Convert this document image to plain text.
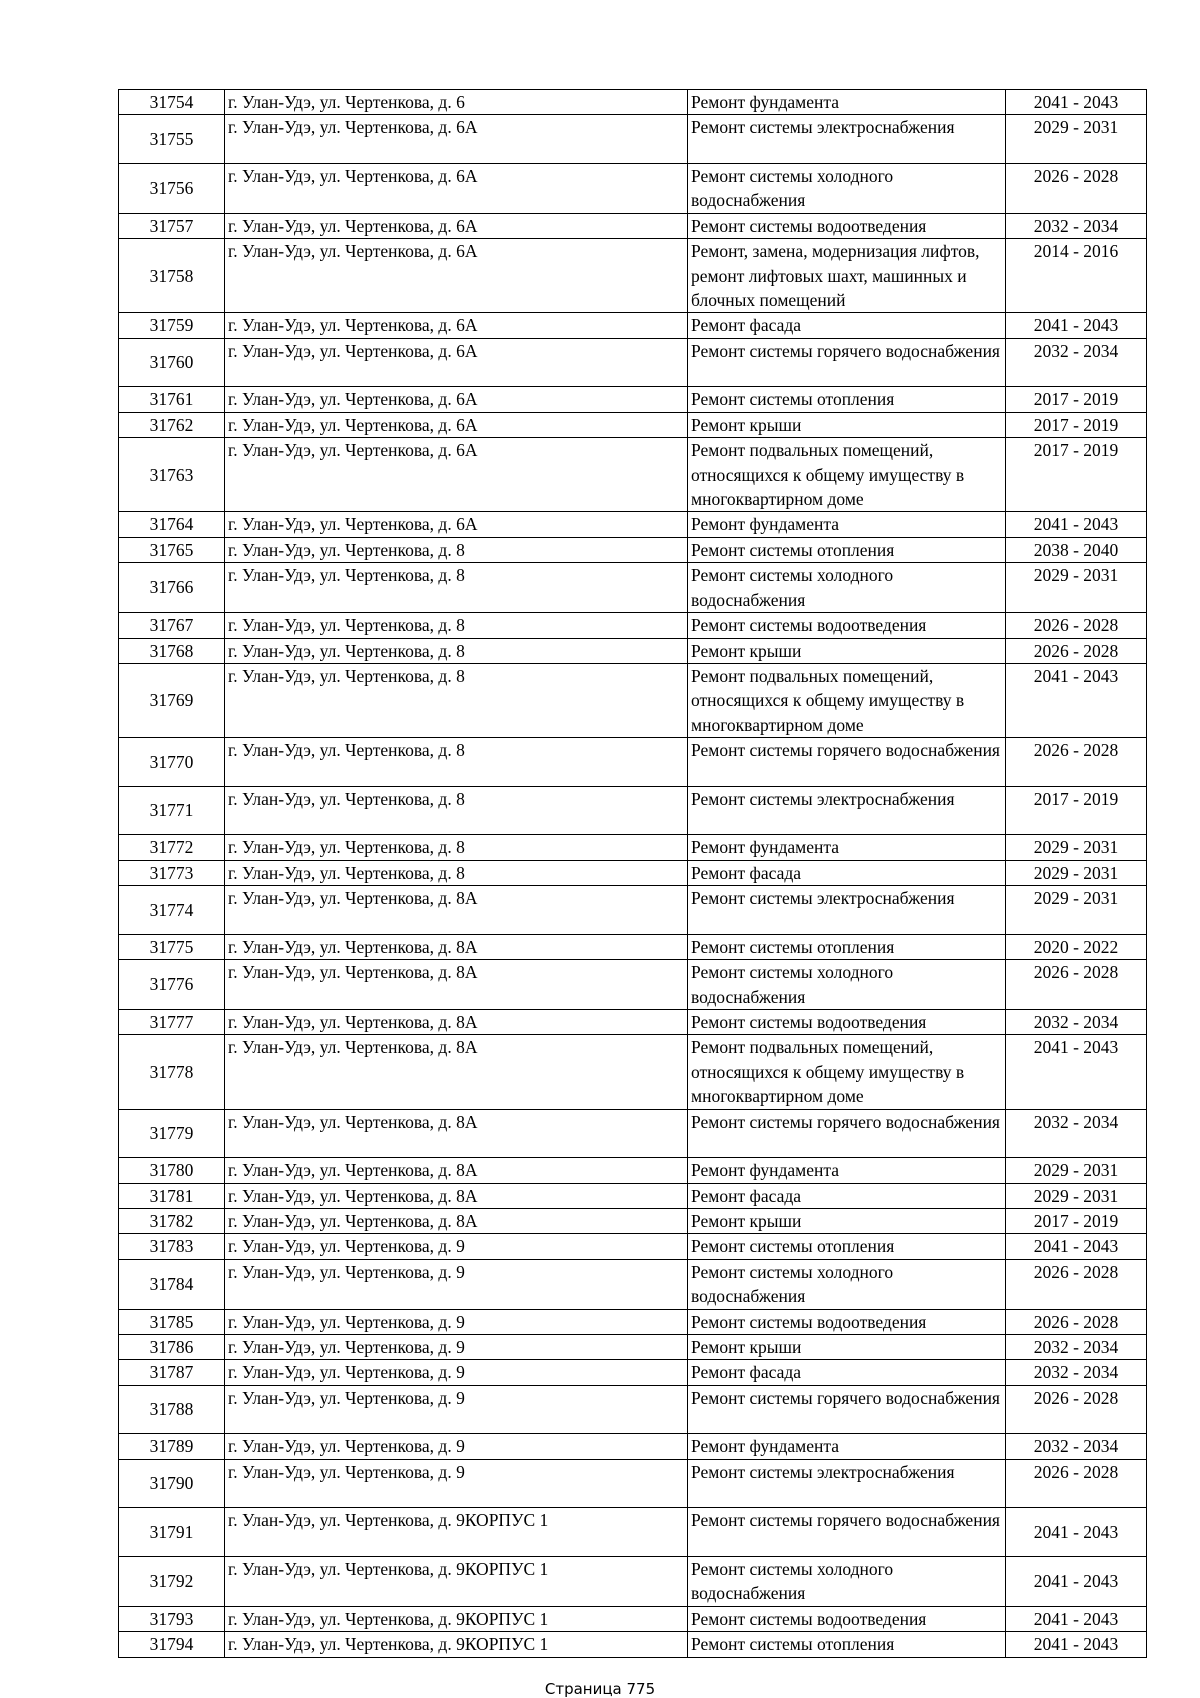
31754	г. Улан-Удэ, ул. Чертенкова, д. 6	Ремонт фундамента	2041 - 2043
31755	г. Улан-Удэ, ул. Чертенкова, д. 6А	Ремонт системы электроснабжения	2029 - 2031
31756	г. Улан-Удэ, ул. Чертенкова, д. 6А	Ремонт системы холодного водоснабжения	2026 - 2028
31757	г. Улан-Удэ, ул. Чертенкова, д. 6А	Ремонт системы водоотведения	2032 - 2034
31758	г. Улан-Удэ, ул. Чертенкова, д. 6А	Ремонт, замена, модернизация лифтов, ремонт лифтовых шахт, машинных и блочных помещений	2014 - 2016
31759	г. Улан-Удэ, ул. Чертенкова, д. 6А	Ремонт фасада	2041 - 2043
31760	г. Улан-Удэ, ул. Чертенкова, д. 6А	Ремонт системы горячего водоснабжения	2032 - 2034
31761	г. Улан-Удэ, ул. Чертенкова, д. 6А	Ремонт системы отопления	2017 - 2019
31762	г. Улан-Удэ, ул. Чертенкова, д. 6А	Ремонт крыши	2017 - 2019
31763	г. Улан-Удэ, ул. Чертенкова, д. 6А	Ремонт подвальных помещений, относящихся к общему имуществу в многоквартирном доме	2017 - 2019
31764	г. Улан-Удэ, ул. Чертенкова, д. 6А	Ремонт фундамента	2041 - 2043
31765	г. Улан-Удэ, ул. Чертенкова, д. 8	Ремонт системы отопления	2038 - 2040
31766	г. Улан-Удэ, ул. Чертенкова, д. 8	Ремонт системы холодного водоснабжения	2029 - 2031
31767	г. Улан-Удэ, ул. Чертенкова, д. 8	Ремонт системы водоотведения	2026 - 2028
31768	г. Улан-Удэ, ул. Чертенкова, д. 8	Ремонт крыши	2026 - 2028
31769	г. Улан-Удэ, ул. Чертенкова, д. 8	Ремонт подвальных помещений, относящихся к общему имуществу в многоквартирном доме	2041 - 2043
31770	г. Улан-Удэ, ул. Чертенкова, д. 8	Ремонт системы горячего водоснабжения	2026 - 2028
31771	г. Улан-Удэ, ул. Чертенкова, д. 8	Ремонт системы электроснабжения	2017 - 2019
31772	г. Улан-Удэ, ул. Чертенкова, д. 8	Ремонт фундамента	2029 - 2031
31773	г. Улан-Удэ, ул. Чертенкова, д. 8	Ремонт фасада	2029 - 2031
31774	г. Улан-Удэ, ул. Чертенкова, д. 8А	Ремонт системы электроснабжения	2029 - 2031
31775	г. Улан-Удэ, ул. Чертенкова, д. 8А	Ремонт системы отопления	2020 - 2022
31776	г. Улан-Удэ, ул. Чертенкова, д. 8А	Ремонт системы холодного водоснабжения	2026 - 2028
31777	г. Улан-Удэ, ул. Чертенкова, д. 8А	Ремонт системы водоотведения	2032 - 2034
31778	г. Улан-Удэ, ул. Чертенкова, д. 8А	Ремонт подвальных помещений, относящихся к общему имуществу в многоквартирном доме	2041 - 2043
31779	г. Улан-Удэ, ул. Чертенкова, д. 8А	Ремонт системы горячего водоснабжения	2032 - 2034
31780	г. Улан-Удэ, ул. Чертенкова, д. 8А	Ремонт фундамента	2029 - 2031
31781	г. Улан-Удэ, ул. Чертенкова, д. 8А	Ремонт фасада	2029 - 2031
31782	г. Улан-Удэ, ул. Чертенкова, д. 8А	Ремонт крыши	2017 - 2019
31783	г. Улан-Удэ, ул. Чертенкова, д. 9	Ремонт системы отопления	2041 - 2043
31784	г. Улан-Удэ, ул. Чертенкова, д. 9	Ремонт системы холодного водоснабжения	2026 - 2028
31785	г. Улан-Удэ, ул. Чертенкова, д. 9	Ремонт системы водоотведения	2026 - 2028
31786	г. Улан-Удэ, ул. Чертенкова, д. 9	Ремонт крыши	2032 - 2034
31787	г. Улан-Удэ, ул. Чертенкова, д. 9	Ремонт фасада	2032 - 2034
31788	г. Улан-Удэ, ул. Чертенкова, д. 9	Ремонт системы горячего водоснабжения	2026 - 2028
31789	г. Улан-Удэ, ул. Чертенкова, д. 9	Ремонт фундамента	2032 - 2034
31790	г. Улан-Удэ, ул. Чертенкова, д. 9	Ремонт системы электроснабжения	2026 - 2028
31791	г. Улан-Удэ, ул. Чертенкова, д. 9КОРПУС 1	Ремонт системы горячего водоснабжения	2041 - 2043
31792	г. Улан-Удэ, ул. Чертенкова, д. 9КОРПУС 1	Ремонт системы холодного водоснабжения	2041 - 2043
31793	г. Улан-Удэ, ул. Чертенкова, д. 9КОРПУС 1	Ремонт системы водоотведения	2041 - 2043
31794	г. Улан-Удэ, ул. Чертенкова, д. 9КОРПУС 1	Ремонт системы отопления	2041 - 2043
Страница 775
